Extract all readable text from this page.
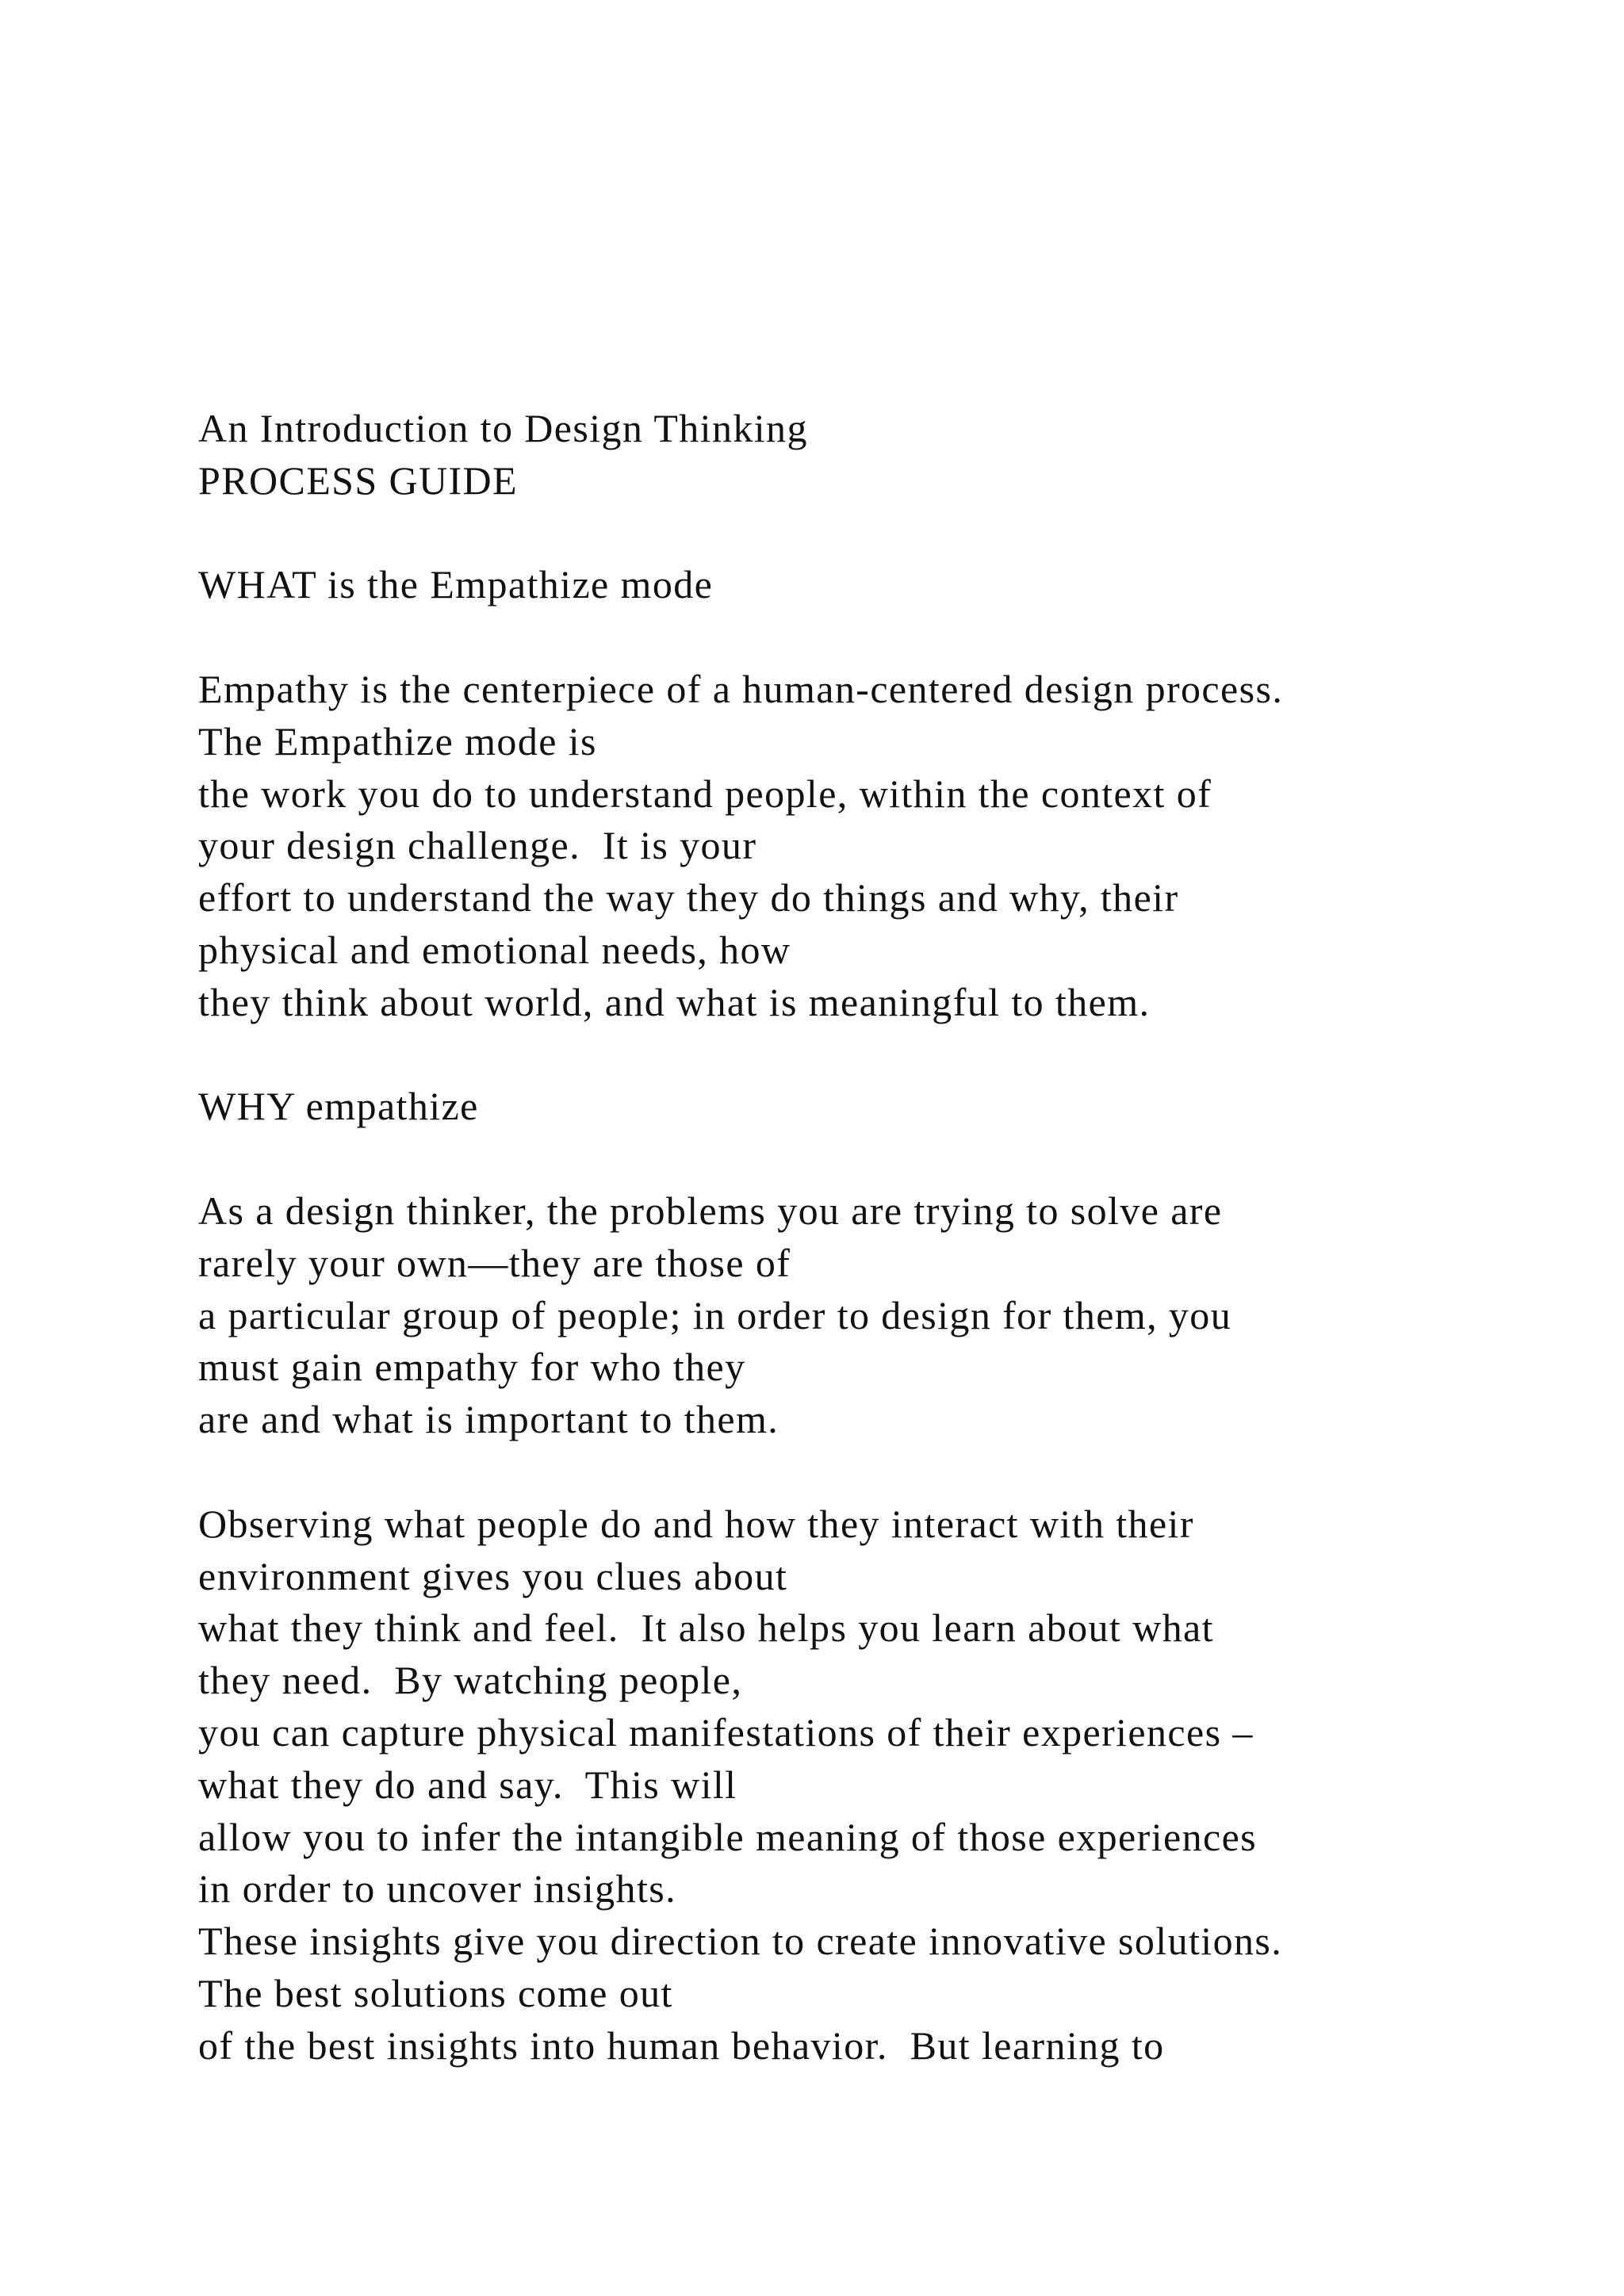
An Introduction to Design Thinking
PROCESS GUIDE
WHAT is the Empathize mode
Empathy is the centerpiece of a human-centered design process.
The Empathize mode is
the work you do to understand people, within the context of
your design challenge.  It is your
effort to understand the way they do things and why, their
physical and emotional needs, how
they think about world, and what is meaningful to them.
WHY empathize
As a design thinker, the problems you are trying to solve are
rarely your own—they are those of
a particular group of people; in order to design for them, you
must gain empathy for who they
are and what is important to them.
Observing what people do and how they interact with their
environment gives you clues about
what they think and feel.  It also helps you learn about what
they need.  By watching people,
you can capture physical manifestations of their experiences –
what they do and say.  This will
allow you to infer the intangible meaning of those experiences
in order to uncover insights.
These insights give you direction to create innovative solutions.
The best solutions come out
of the best insights into human behavior.  But learning to
